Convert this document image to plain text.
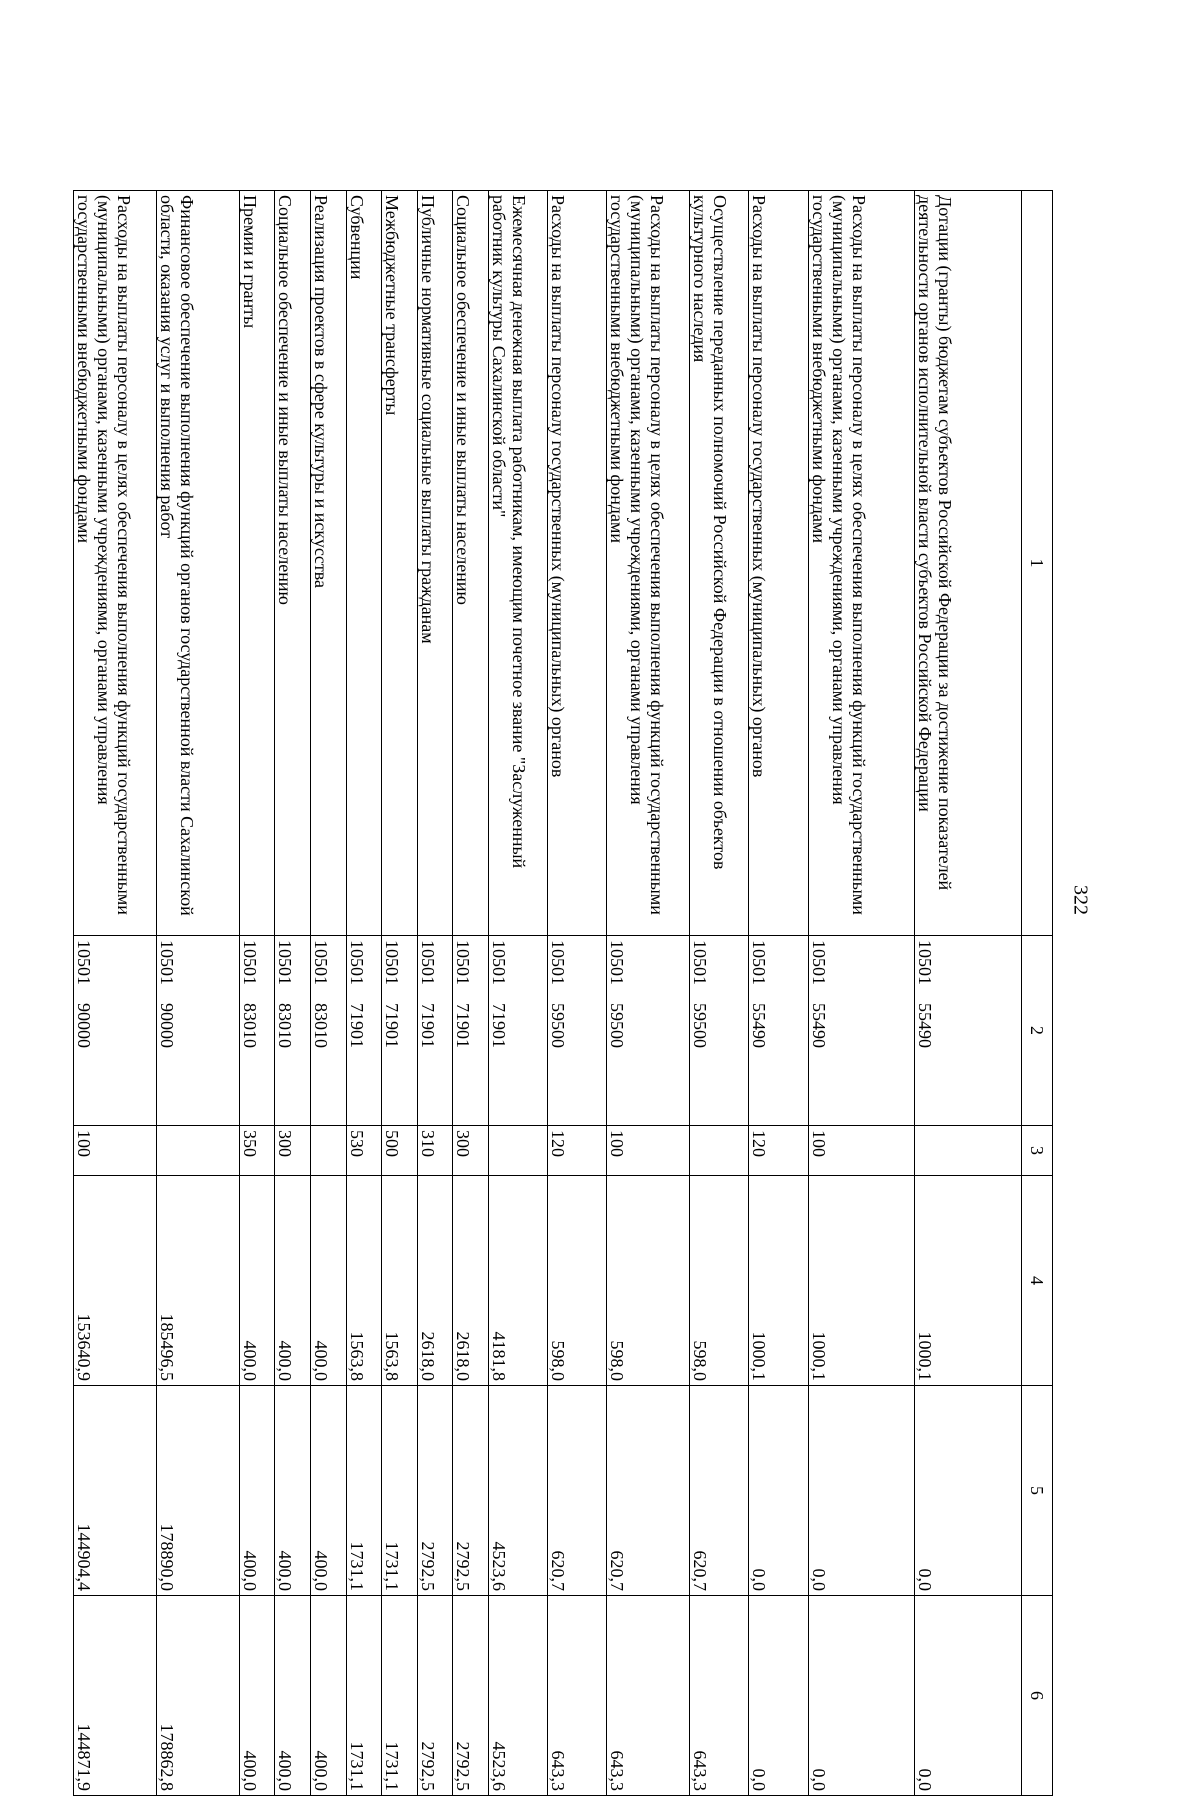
322
1	2	3	4	5	6
Дотации (гранты) бюджетам субъектов Российской Федерации за достижение показателей деятельности органов исполнительной власти субъектов Российской Федерации	1050155490		1000,1	0,0	0,0
Расходы на выплаты персоналу в целях обеспечения выполнения функций государственными (муниципальными) органами, казенными учреждениями, органами управления государственными внебюджетными фондами	1050155490	100	1000,1	0,0	0,0
Расходы на выплаты персоналу государственных (муниципальных) органов	1050155490	120	1000,1	0,0	0,0
Осуществление переданных полномочий Российской Федерации в отношении объектов культурного наследия	1050159500		598,0	620,7	643,3
Расходы на выплаты персоналу в целях обеспечения выполнения функций государственными (муниципальными) органами, казенными учреждениями, органами управления государственными внебюджетными фондами	1050159500	100	598,0	620,7	643,3
Расходы на выплаты персоналу государственных (муниципальных) органов	1050159500	120	598,0	620,7	643,3
Ежемесячная денежная выплата работникам, имеющим почетное звание "Заслуженный работник культуры Сахалинской области"	1050171901		4181,8	4523,6	4523,6
Социальное обеспечение и иные выплаты населению	1050171901	300	2618,0	2792,5	2792,5
Публичные нормативные социальные выплаты гражданам	1050171901	310	2618,0	2792,5	2792,5
Межбюджетные трансферты	1050171901	500	1563,8	1731,1	1731,1
Субвенции	1050171901	530	1563,8	1731,1	1731,1
Реализация проектов в сфере культуры и искусства	1050183010		400,0	400,0	400,0
Социальное обеспечение и иные выплаты населению	1050183010	300	400,0	400,0	400,0
Премии и гранты	1050183010	350	400,0	400,0	400,0
Финансовое обеспечение выполнения функций органов государственной власти Сахалинской области, оказания услуг и выполнения работ	1050190000		185496,5	178890,0	178862,8
Расходы на выплаты персоналу в целях обеспечения выполнения функций государственными (муниципальными) органами, казенными учреждениями, органами управления государственными внебюджетными фондами	1050190000	100	153640,9	144904,4	144871,9
